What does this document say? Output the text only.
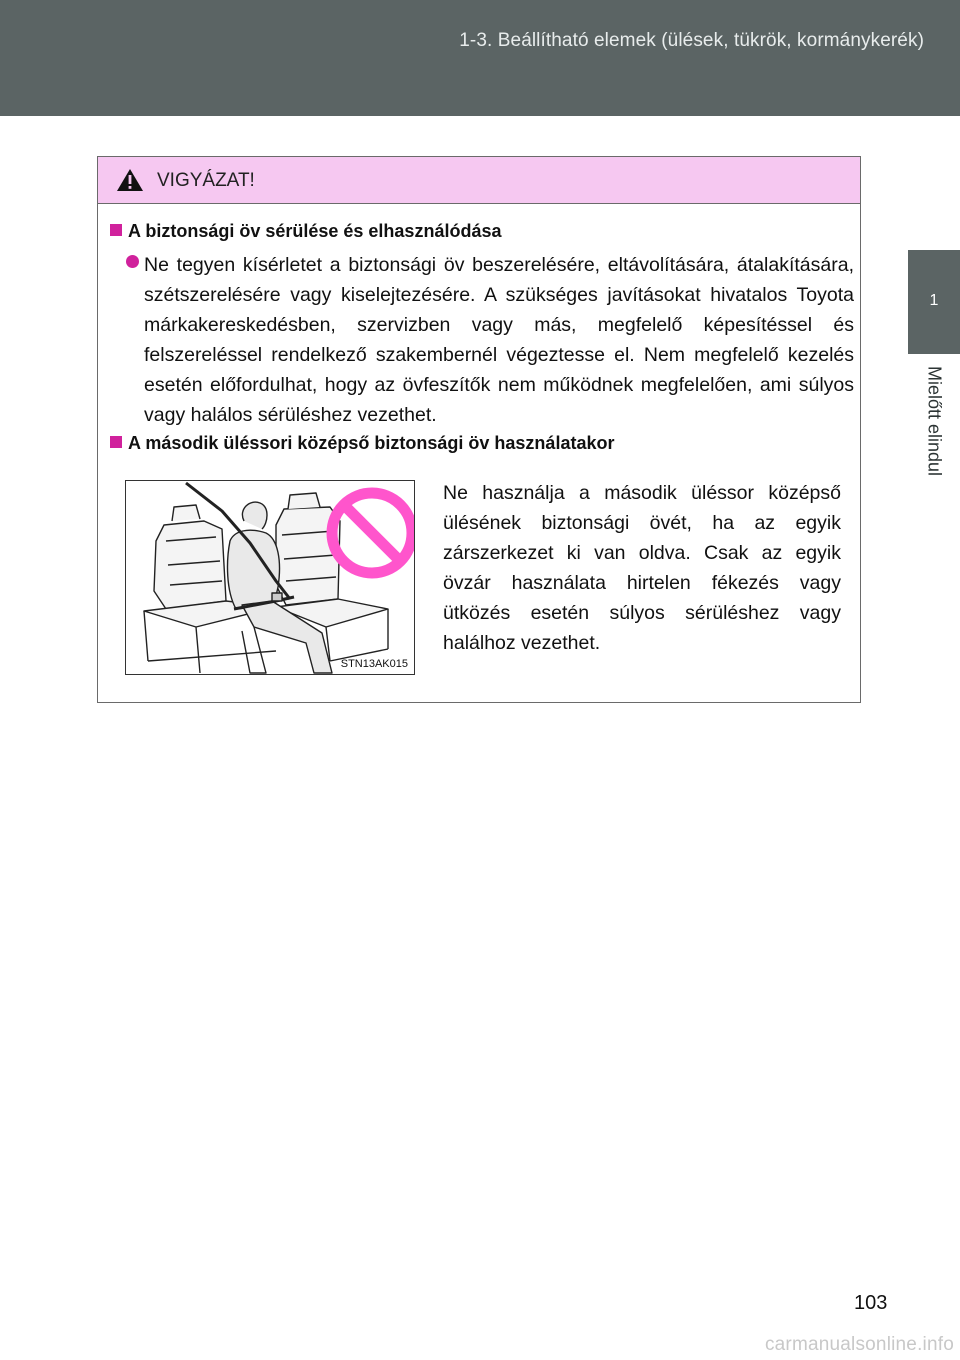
1-3. Beállítható elemek (ülések, tükrök, kormánykerék)
1
Mielőtt elindul
VIGYÁZAT!
A biztonsági öv sérülése és elhasználódása
Ne tegyen kísérletet a biztonsági öv beszerelésére, eltávolítására, átalakítására, szétszerelésére vagy kiselejtezésére. A szükséges javításokat hivatalos Toyota márkakereskedésben, szervizben vagy más, megfelelő képesítéssel és felszereléssel rendelkező szakembernél végeztesse el. Nem megfelelő kezelés esetén előfordulhat, hogy az övfeszítők nem működnek megfelelően, ami súlyos vagy halálos sérüléshez vezethet.
A második üléssori középső biztonsági öv használatakor
STN13AK015
Ne használja a második üléssor középső ülésének biztonsági övét, ha az egyik zárszerkezet ki van oldva. Csak az egyik övzár használata hirtelen fékezés vagy ütközés esetén súlyos sérüléshez vagy halálhoz vezethet.
103
carmanualsonline.info
